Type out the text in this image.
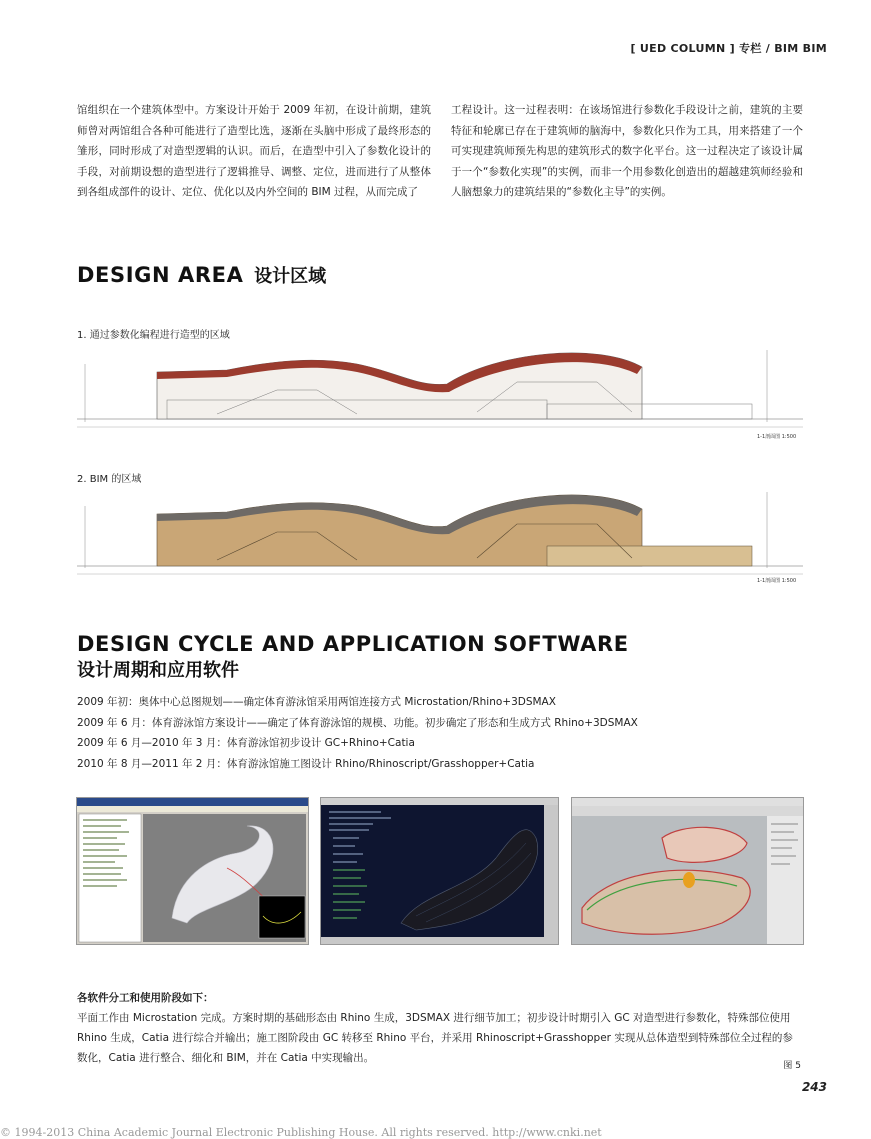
[ UED COLUMN ] 专栏 / BIM BIM
馆组织在一个建筑体型中。方案设计开始于 2009 年初，在设计前期，建筑师曾对两馆组合各种可能进行了造型比选，逐渐在头脑中形成了最终形态的雏形，同时形成了对造型逻辑的认识。而后，在造型中引入了参数化设计的手段，对前期设想的造型进行了逻辑推导、调整、定位，进而进行了从整体到各组成部件的设计、定位、优化以及内外空间的 BIM 过程，从而完成了
工程设计。这一过程表明：在该场馆进行参数化手段设计之前，建筑的主要特征和轮廓已存在于建筑师的脑海中，参数化只作为工具，用来搭建了一个可实现建筑师预先构思的建筑形式的数字化平台。这一过程决定了该设计属于一个“参数化实现”的实例，而非一个用参数化创造出的超越建筑师经验和人脑想象力的建筑结果的“参数化主导”的实例。
DESIGN AREA 设计区域
1. 通过参数化编程进行造型的区域
1-1剖面图 1:500
2. BIM 的区域
1-1剖面图 1:500
DESIGN CYCLE AND APPLICATION SOFTWARE
设计周期和应用软件
2009 年初：奥体中心总图规划——确定体育游泳馆采用两馆连接方式 Microstation/Rhino+3DSMAX
2009 年 6 月：体育游泳馆方案设计——确定了体育游泳馆的规模、功能。初步确定了形态和生成方式 Rhino+3DSMAX
2009 年 6 月—2010 年 3 月：体育游泳馆初步设计 GC+Rhino+Catia
2010 年 8 月—2011 年 2 月：体育游泳馆施工图设计 Rhino/Rhinoscript/Grasshopper+Catia
各软件分工和使用阶段如下：
平面工作由 Microstation 完成。方案时期的基础形态由 Rhino 生成，3DSMAX 进行细节加工；初步设计时期引入 GC 对造型进行参数化，特殊部位使用 Rhino 生成，Catia 进行综合并输出；施工图阶段由 GC 转移至 Rhino 平台，并采用 Rhinoscript+Grasshopper 实现从总体造型到特殊部位全过程的参数化，Catia 进行整合、细化和 BIM，并在 Catia 中实现输出。
图 5
243
© 1994-2013 China Academic Journal Electronic Publishing House. All rights reserved. http://www.cnki.net
